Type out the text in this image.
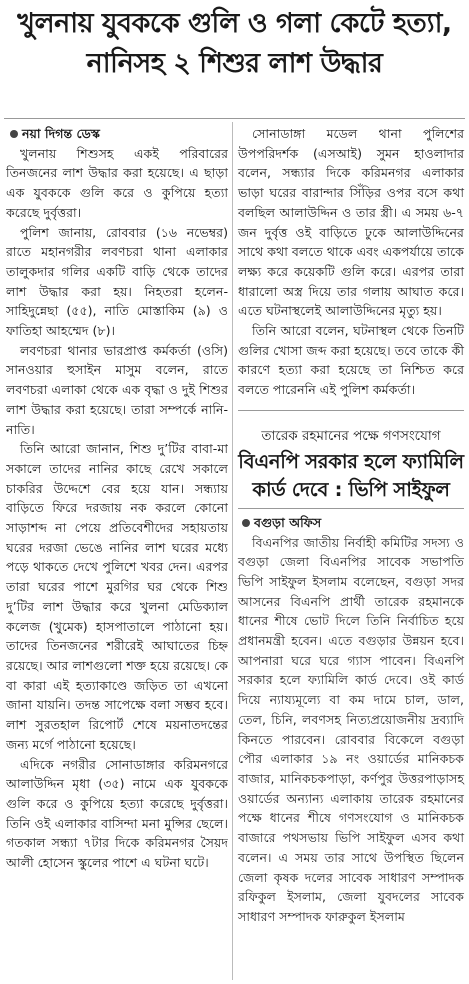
খুলনায় যুবককে গুলি ও গলা কেটে হত্যা, নানিসহ ২ শিশুর লাশ উদ্ধার
নয়া দিগন্ত ডেস্ক

খুলনায় শিশুসহ একই পরিবারের তিনজনের লাশ উদ্ধার করা হয়েছে। এ ছাড়া এক যুবককে গুলি করে ও কুপিয়ে হত্যা করেছে দুর্বৃত্তরা।

পুলিশ জানায়, রোববার (১৬ নভেম্বর) রাতে মহানগরীর লবণচরা থানা এলাকার তালুকদার গলির একটি বাড়ি থেকে তাদের লাশ উদ্ধার করা হয়। নিহতরা হলেন- সাহিদুন্নেছা (৫৫), নাতি মোস্তাকিম (৯) ও ফাতিহা আহম্মেদ (৮)।

লবণচরা থানার ভারপ্রাপ্ত কর্মকর্তা (ওসি) সানওয়ার হুসাইন মাসুম বলেন, রাতে লবণচরা এলাকা থেকে এক বৃদ্ধা ও দুই শিশুর লাশ উদ্ধার করা হয়েছে। তারা সম্পর্কে নানি-নাতি।

তিনি আরো জানান, শিশু দু’টির বাবা-মা সকালে তাদের নানির কাছে রেখে সকালে চাকরির উদ্দেশে বের হয়ে যান। সন্ধ্যায় বাড়িতে ফিরে দরজায় নক করলে কোনো সাড়াশব্দ না পেয়ে প্রতিবেশীদের সহায়তায় ঘরের দরজা ভেঙে নানির লাশ ঘরের মধ্যে পড়ে থাকতে দেখে পুলিশে খবর দেন। এরপর তারা ঘরের পাশে মুরগির ঘর থেকে শিশু দু’টির লাশ উদ্ধার করে খুলনা মেডিক্যাল কলেজ (খুমেক) হাসপাতালে পাঠানো হয়। তাদের তিনজনের শরীরেই আঘাতের চিহ্ন রয়েছে। আর লাশগুলো শক্ত হয়ে রয়েছে। কে বা কারা এই হত্যাকাণ্ডে জড়িত তা এখনো জানা যায়নি। তদন্ত সাপেক্ষে বলা সম্ভব হবে। লাশ সুরতহাল রিপোর্ট শেষে ময়নাতদন্তের জন্য মর্গে পাঠানো হয়েছে।

এদিকে নগরীর সোনাডাঙ্গার করিমনগরে আলাউদ্দিন মৃধা (৩৫) নামে এক যুবককে গুলি করে ও কুপিয়ে হত্যা করেছে দুর্বৃত্তরা। তিনি ওই এলাকার বাসিন্দা মনা মুন্সির ছেলে। গতকাল সন্ধ্যা ৭টার দিকে করিমনগর সৈয়দ আলী হোসেন স্কুলের পাশে এ ঘটনা ঘটে।

সোনাডাঙ্গা মডেল থানা পুলিশের উপপরিদর্শক (এসআই) সুমন হাওলাদার বলেন, সন্ধ্যার দিকে করিমনগর এলাকার ভাড়া ঘরের বারান্দার সিঁড়ির ওপর বসে কথা বলছিল আলাউদ্দিন ও তার স্ত্রী। এ সময় ৬-৭ জন দুর্বৃত্ত ওই বাড়িতে ঢুকে আলাউদ্দিনের সাথে কথা বলতে থাকে এবং একপর্যায়ে তাকে লক্ষ্য করে কয়েকটি গুলি করে। এরপর তারা ধারালো অস্ত্র দিয়ে তার গলায় আঘাত করে। এতে ঘটনাস্থলেই আলাউদ্দিনের মৃত্যু হয়।

তিনি আরো বলেন, ঘটনাস্থল থেকে তিনটি গুলির খোসা জব্দ করা হয়েছে। তবে তাকে কী কারণে হত্যা করা হয়েছে তা নিশ্চিত করে বলতে পারেননি এই পুলিশ কর্মকর্তা।

তারেক রহমানের পক্ষে গণসংযোগ
বিএনপি সরকার হলে ফ্যামিলি কার্ড দেবে : ভিপি সাইফুল
বগুড়া অফিস

বিএনপির জাতীয় নির্বাহী কমিটির সদস্য ও বগুড়া জেলা বিএনপির সাবেক সভাপতি ভিপি সাইফুল ইসলাম বলেছেন, বগুড়া সদর আসনের বিএনপি প্রার্থী তারেক রহমানকে ধানের শীষে ভোট দিলে তিনি নির্বাচিত হয়ে প্রধানমন্ত্রী হবেন। এতে বগুড়ার উন্নয়ন হবে। আপনারা ঘরে ঘরে গ্যাস পাবেন। বিএনপি সরকার হলে ফ্যামিলি কার্ড দেবে। ওই কার্ড দিয়ে ন্যায্যমূল্যে বা কম দামে চাল, ডাল, তেল, চিনি, লবণসহ নিত্যপ্রয়োজনীয় দ্রব্যাদি কিনতে পারবেন। রোববার বিকেলে বগুড়া পৌর এলাকার ১৯ নং ওয়ার্ডের মানিকচক বাজার, মানিকচকপাড়া, কর্ণপুর উত্তরপাড়াসহ ওয়ার্ডের অন্যান্য এলাকায় তারেক রহমানের পক্ষে ধানের শীষে গণসংযোগ ও মানিকচক বাজারে পথসভায় ভিপি সাইফুল এসব কথা বলেন। এ সময় তার সাথে উপস্থিত ছিলেন জেলা কৃষক দলের সাবেক সাধারণ সম্পাদক রফিকুল ইসলাম, জেলা যুবদলের সাবেক সাধারণ সম্পাদক ফারুকুল ইসলাম
